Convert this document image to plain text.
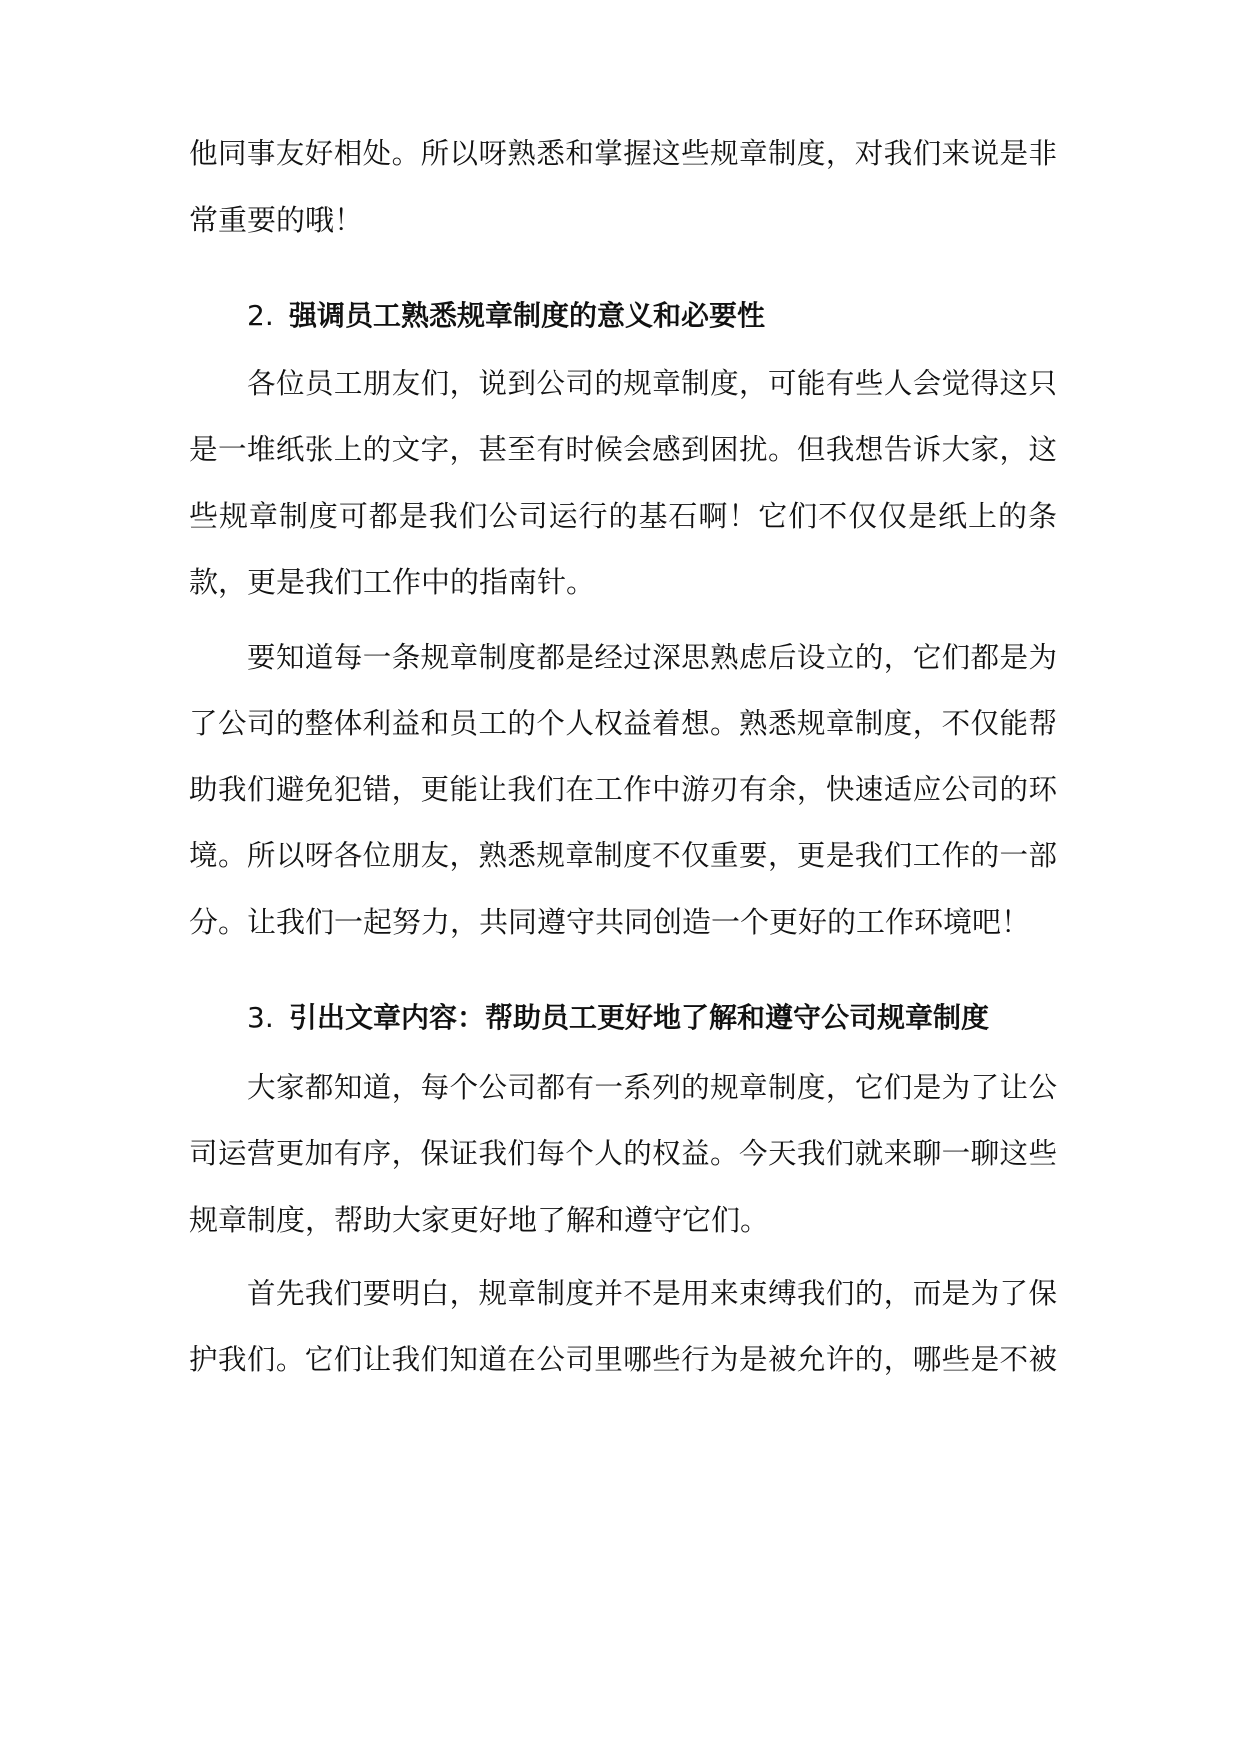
他同事友好相处。所以呀熟悉和掌握这些规章制度，对我们来说是非
常重要的哦！
2. 强调员工熟悉规章制度的意义和必要性
各位员工朋友们，说到公司的规章制度，可能有些人会觉得这只
是一堆纸张上的文字，甚至有时候会感到困扰。但我想告诉大家，这
些规章制度可都是我们公司运行的基石啊！它们不仅仅是纸上的条
款，更是我们工作中的指南针。
要知道每一条规章制度都是经过深思熟虑后设立的，它们都是为
了公司的整体利益和员工的个人权益着想。熟悉规章制度，不仅能帮
助我们避免犯错，更能让我们在工作中游刃有余，快速适应公司的环
境。所以呀各位朋友，熟悉规章制度不仅重要，更是我们工作的一部
分。让我们一起努力，共同遵守共同创造一个更好的工作环境吧！
3. 引出文章内容：帮助员工更好地了解和遵守公司规章制度
大家都知道，每个公司都有一系列的规章制度，它们是为了让公
司运营更加有序，保证我们每个人的权益。今天我们就来聊一聊这些
规章制度，帮助大家更好地了解和遵守它们。
首先我们要明白，规章制度并不是用来束缚我们的，而是为了保
护我们。它们让我们知道在公司里哪些行为是被允许的，哪些是不被
